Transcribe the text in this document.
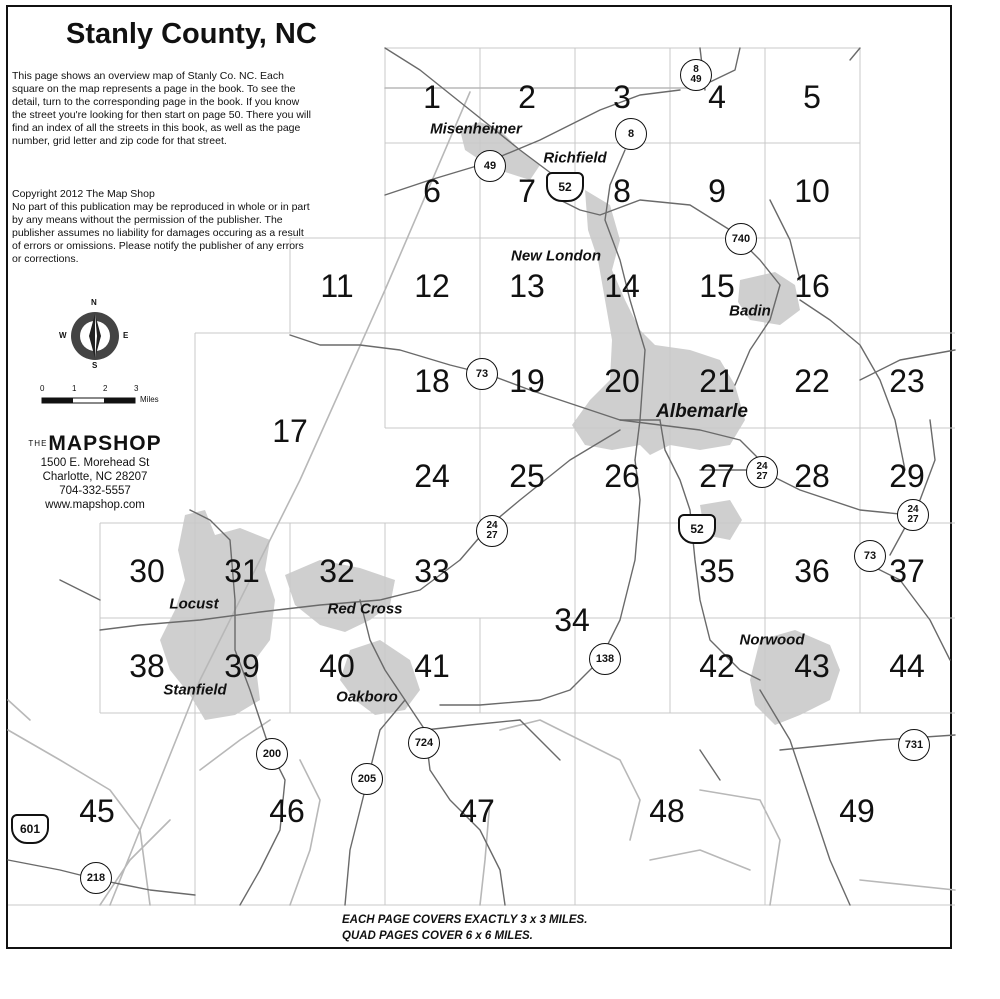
N
S
E
W
0	1	2	3
Miles
Stanly County, NC

This page shows an overview map of Stanly Co. NC. Each square on the map represents a page in the book. To see the detail, turn to the corresponding page in the book. If you know the street you're looking for then start on page 50. There you will find an index of all the streets in this book, as well as the page number, grid letter and zip code for that street.

Copyright 2012 The Map Shop
No part of this publication may be reproduced in whole or in part by any means without the permission of the publisher. The publisher assumes no liability for damages occuring as a result of errors or omissions. Please notify the publisher of any errors or corrections.

$^{THE}$MAPSHOP
1500 E. Morehead St
Charlotte, NC 28207
704-332-5557
www.mapshop.com
1	2	3	4	5
6	7	8	9	10
11	12	13	14	15	16
17
18	19	20	21	22	23
24	25	26	27	28	29
30	31	32	33
34
35	36	37
38	39	40	41	42	43	44
45	46	47	48	49
Misenheimer
Richfield
New London
Badin
Albemarle
Locust	Red Cross
Stanfield	Oakboro
Norwood
8
49
8
49
52
740
73
24
27
24
27
24
27	52
73
138
724
200
205
731
601
218
EACH PAGE COVERS EXACTLY 3 x 3 MILES.
QUAD PAGES COVER 6 x 6 MILES.
